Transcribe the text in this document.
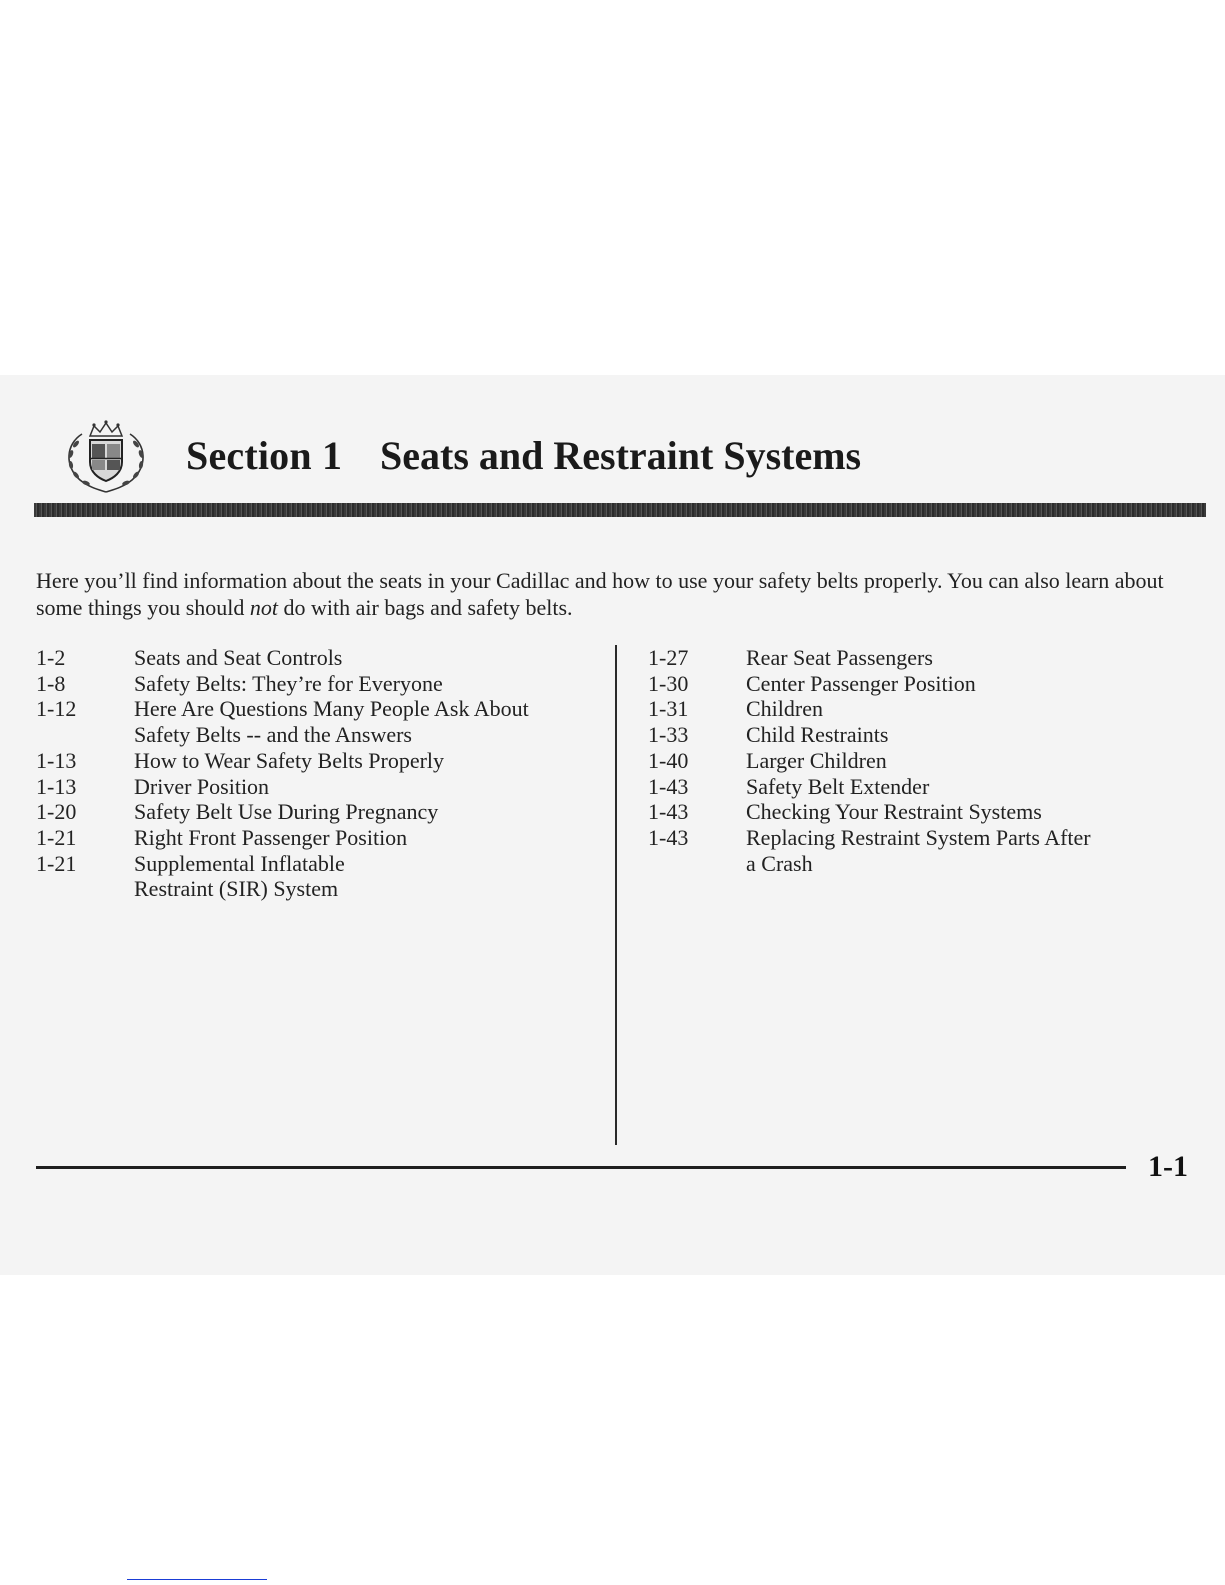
Section 1 Seats and Restraint Systems

Here you’ll find information about the seats in your Cadillac and how to use your safety belts properly. You can also learn about some things you should not do with air bags and safety belts.

1-2	Seats and Seat Controls
1-8	Safety Belts: They’re for Everyone
1-12	Here Are Questions Many People Ask About
Safety Belts -- and the Answers
1-13	How to Wear Safety Belts Properly
1-13	Driver Position
1-20	Safety Belt Use During Pregnancy
1-21	Right Front Passenger Position
1-21	Supplemental Inflatable
Restraint (SIR) System
1-27	Rear Seat Passengers
1-30	Center Passenger Position
1-31	Children
1-33	Child Restraints
1-40	Larger Children
1-43	Safety Belt Extender
1-43	Checking Your Restraint Systems
1-43	Replacing Restraint System Parts After
a Crash
1-1
